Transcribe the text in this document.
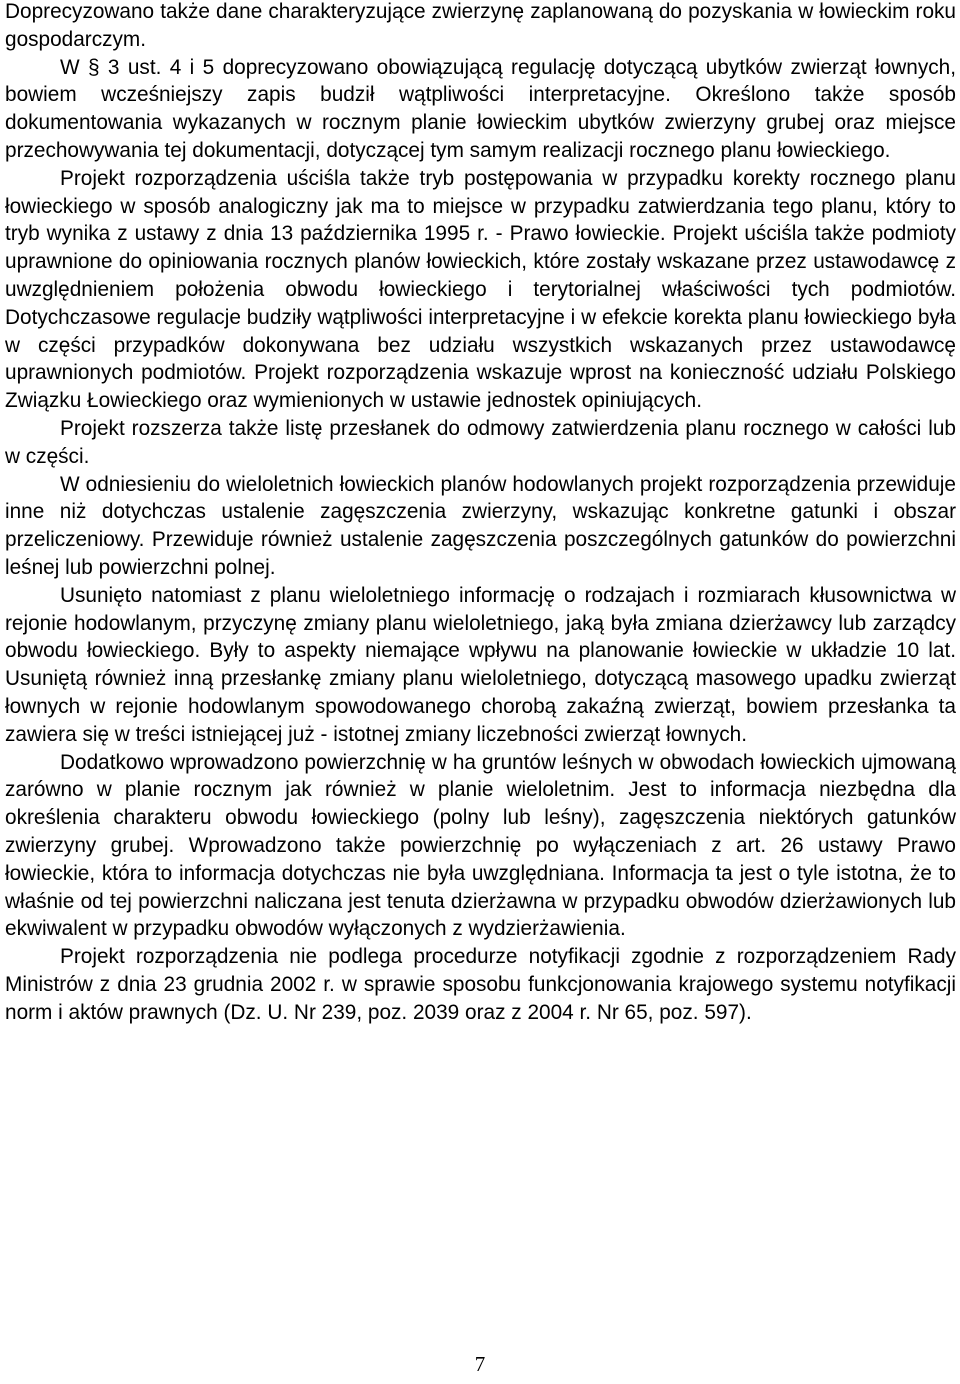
Doprecyzowano także dane charakteryzujące zwierzynę zaplanowaną do pozyskania w łowieckim roku gospodarczym.

W § 3 ust. 4 i 5 doprecyzowano obowiązującą regulację dotyczącą ubytków zwierząt łownych, bowiem wcześniejszy zapis budził wątpliwości interpretacyjne. Określono także sposób dokumentowania wykazanych w rocznym planie łowieckim ubytków zwierzyny grubej oraz miejsce przechowywania tej dokumentacji, dotyczącej tym samym realizacji rocznego planu łowieckiego.

Projekt rozporządzenia uściśla także tryb postępowania w przypadku korekty rocznego planu łowieckiego w sposób analogiczny jak ma to miejsce w przypadku zatwierdzania tego planu, który to tryb wynika z ustawy z dnia 13 października 1995 r. - Prawo łowieckie. Projekt uściśla także podmioty uprawnione do opiniowania rocznych planów łowieckich, które zostały wskazane przez ustawodawcę z uwzględnieniem położenia obwodu łowieckiego i terytorialnej właściwości tych podmiotów. Dotychczasowe regulacje budziły wątpliwości interpretacyjne i w efekcie korekta planu łowieckiego była w części przypadków dokonywana bez udziału wszystkich wskazanych przez ustawodawcę uprawnionych podmiotów. Projekt rozporządzenia wskazuje wprost na konieczność udziału Polskiego Związku Łowieckiego oraz wymienionych w ustawie jednostek opiniujących.

Projekt rozszerza także listę przesłanek do odmowy zatwierdzenia planu rocznego w całości lub w części.

W odniesieniu do wieloletnich łowieckich planów hodowlanych projekt rozporządzenia przewiduje inne niż dotychczas ustalenie zagęszczenia zwierzyny, wskazując konkretne gatunki i obszar przeliczeniowy. Przewiduje również ustalenie zagęszczenia poszczególnych gatunków do powierzchni leśnej lub powierzchni polnej.

Usunięto natomiast z planu wieloletniego informację o rodzajach i rozmiarach kłusownictwa w rejonie hodowlanym, przyczynę zmiany planu wieloletniego, jaką była zmiana dzierżawcy lub zarządcy obwodu łowieckiego. Były to aspekty niemające wpływu na planowanie łowieckie w układzie 10 lat. Usuniętą również inną przesłankę zmiany planu wieloletniego, dotyczącą masowego upadku zwierząt łownych w rejonie hodowlanym spowodowanego chorobą zakaźną zwierząt, bowiem przesłanka ta zawiera się w treści istniejącej już - istotnej zmiany liczebności zwierząt łownych.

Dodatkowo wprowadzono powierzchnię w ha gruntów leśnych w obwodach łowieckich ujmowaną zarówno w planie rocznym jak również w planie wieloletnim. Jest to informacja niezbędna dla określenia charakteru obwodu łowieckiego (polny lub leśny), zagęszczenia niektórych gatunków zwierzyny grubej. Wprowadzono także powierzchnię po wyłączeniach z art. 26 ustawy Prawo łowieckie, która to informacja dotychczas nie była uwzględniana. Informacja ta jest o tyle istotna, że to właśnie od tej powierzchni naliczana jest tenuta dzierżawna w przypadku obwodów dzierżawionych lub ekwiwalent w przypadku obwodów wyłączonych z wydzierżawienia.

Projekt rozporządzenia nie podlega procedurze notyfikacji zgodnie z rozporządzeniem Rady Ministrów z dnia 23 grudnia 2002 r. w sprawie sposobu funkcjonowania krajowego systemu notyfikacji norm i aktów prawnych (Dz. U. Nr 239, poz. 2039 oraz z 2004 r. Nr 65, poz. 597).

7
